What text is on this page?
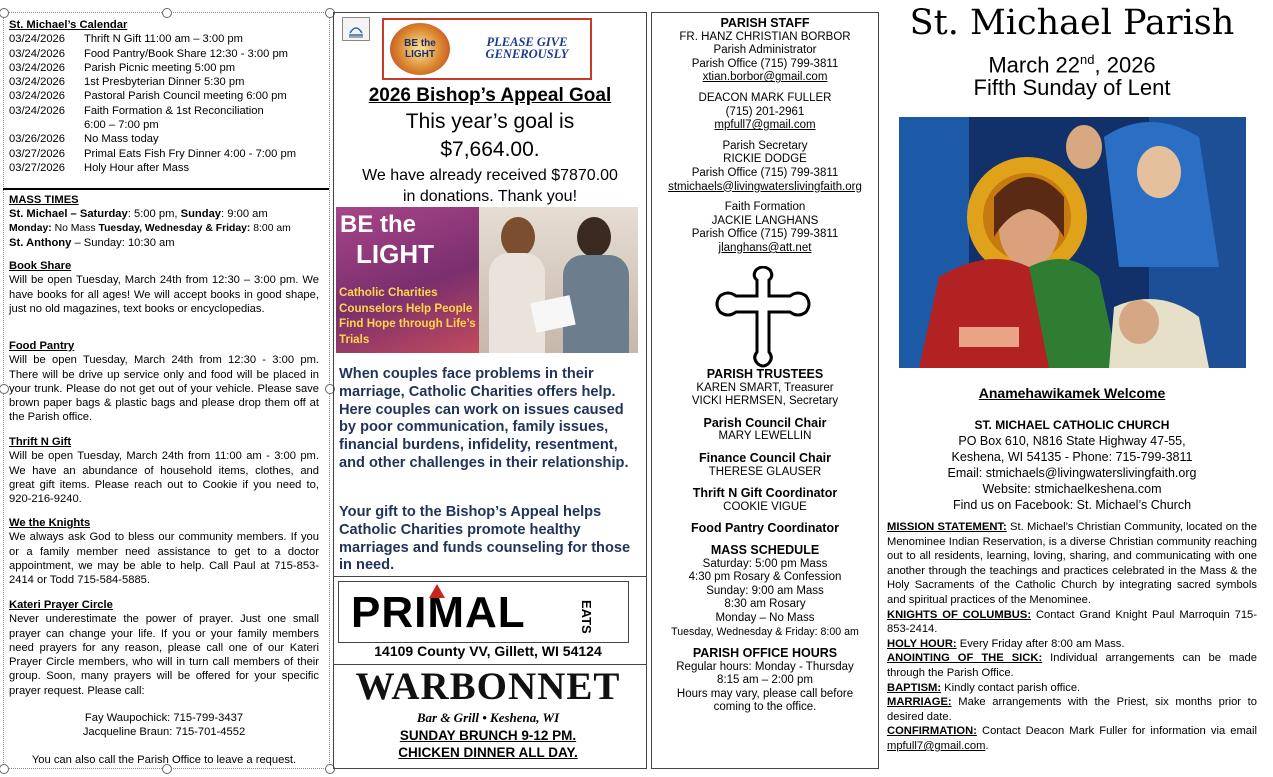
St. Michael’s Calendar
03/24/2026	Thrift N Gift 11:00 am – 3:00 pm
03/24/2026	Food Pantry/Book Share 12:30 - 3:00 pm
03/24/2026	Parish Picnic meeting 5:00 pm
03/24/2026	1st Presbyterian Dinner 5:30 pm
03/24/2026	Pastoral Parish Council meeting 6:00 pm
03/24/2026	Faith Formation & 1st Reconciliation
6:00 – 7:00 pm
03/26/2026	No Mass today
03/27/2026	Primal Eats Fish Fry Dinner 4:00 - 7:00 pm
03/27/2026	Holy Hour after Mass
MASS TIMES
St. Michael – Saturday: 5:00 pm, Sunday: 9:00 am
Monday: No Mass Tuesday, Wednesday & Friday: 8:00 am
St. Anthony – Sunday: 10:30 am
Book Share
Will be open Tuesday, March 24th from 12:30 – 3:00 pm. We have books for all ages! We will accept books in good shape, just no old magazines, text books or encyclopedias.
Food Pantry
Will be open Tuesday, March 24th from 12:30 - 3:00 pm. There will be drive up service only and food will be placed in your trunk. Please do not get out of your vehicle. Please save brown paper bags & plastic bags and please drop them off at the Parish office.
Thrift N Gift
Will be open Tuesday, March 24th from 11:00 am - 3:00 pm. We have an abundance of household items, clothes, and great gift items. Please reach out to Cookie if you need to, 920-216-9240.
We the Knights
We always ask God to bless our community members. If you or a family member need assistance to get to a doctor appointment, we may be able to help. Call Paul at 715-853-2414 or Todd 715-584-5885.
Kateri Prayer Circle
Never underestimate the power of prayer. Just one small prayer can change your life. If you or your family members need prayers for any reason, please call one of our Kateri Prayer Circle members, who will in turn call members of their group. Soon, many prayers will be offered for your specific prayer request. Please call:
Fay Waupochick: 715-799-3437
Jacqueline Braun: 715-701-4552
You can also call the Parish Office to leave a request.
BE the
LIGHT
PLEASE GIVE GENEROUSLY
2026 Bishop’s Appeal Goal
This year’s goal is
$7,664.00.
We have already received $7870.00
in donations. Thank you!
BE the
LIGHT
Catholic Charities Counselors Help People Find Hope through Life’s Trials
When couples face problems in their marriage, Catholic Charities offers help. Here couples can work on issues caused by poor communication, family issues, financial burdens, infidelity, resentment, and other challenges in their relationship.
Your gift to the Bishop’s Appeal helps Catholic Charities promote healthy marriages and funds counseling for those in need.
PRIMAL	EATS
14109 County VV, Gillett, WI 54124
WARBONNET
Bar & Grill • Keshena, WI
SUNDAY BRUNCH 9-12 PM.
CHICKEN DINNER ALL DAY.
PARISH STAFF
FR. HANZ CHRISTIAN BORBOR
Parish Administrator
Parish Office (715) 799-3811
xtian.borbor@gmail.com
DEACON MARK FULLER
(715) 201-2961
mpfull7@gmail.com
Parish Secretary
RICKIE DODGE
Parish Office (715) 799-3811
stmichaels@livingwaterslivingfaith.org
Faith Formation
JACKIE LANGHANS
Parish Office (715) 799-3811
jlanghans@att.net
PARISH TRUSTEES
KAREN SMART, Treasurer
VICKI HERMSEN, Secretary
Parish Council Chair
MARY LEWELLIN
Finance Council Chair
THERESE GLAUSER
Thrift N Gift Coordinator
COOKIE VIGUE
Food Pantry Coordinator
MASS SCHEDULE
Saturday: 5:00 pm Mass
4:30 pm Rosary & Confession
Sunday: 9:00 am Mass
8:30 am Rosary
Monday – No Mass
Tuesday, Wednesday & Friday: 8:00 am
PARISH OFFICE HOURS
Regular hours: Monday - Thursday
8:15 am – 2:00 pm
Hours may vary, please call before
coming to the office.
St. Michael Parish
March 22nd, 2026
Fifth Sunday of Lent
Anamehawikamek Welcome
ST. MICHAEL CATHOLIC CHURCH
PO Box 610, N816 State Highway 47-55,
Keshena, WI 54135 - Phone: 715-799-3811
Email: stmichaels@livingwaterslivingfaith.org
Website: stmichaelkeshena.com
Find us on Facebook: St. Michael’s Church
MISSION STATEMENT: St. Michael’s Christian Community, located on the Menominee Indian Reservation, is a diverse Christian community reaching out to all residents, learning, loving, sharing, and communicating with one another through the teachings and practices celebrated in the Mass & the Holy Sacraments of the Catholic Church by integrating sacred symbols and spiritual practices of the Menominee.
KNIGHTS OF COLUMBUS: Contact Grand Knight Paul Marroquin 715-853-2414.
HOLY HOUR: Every Friday after 8:00 am Mass.
ANOINTING OF THE SICK: Individual arrangements can be made through the Parish Office.
BAPTISM: Kindly contact parish office.
MARRIAGE: Make arrangements with the Priest, six months prior to desired date.
CONFIRMATION: Contact Deacon Mark Fuller for information via email mpfull7@gmail.com.
